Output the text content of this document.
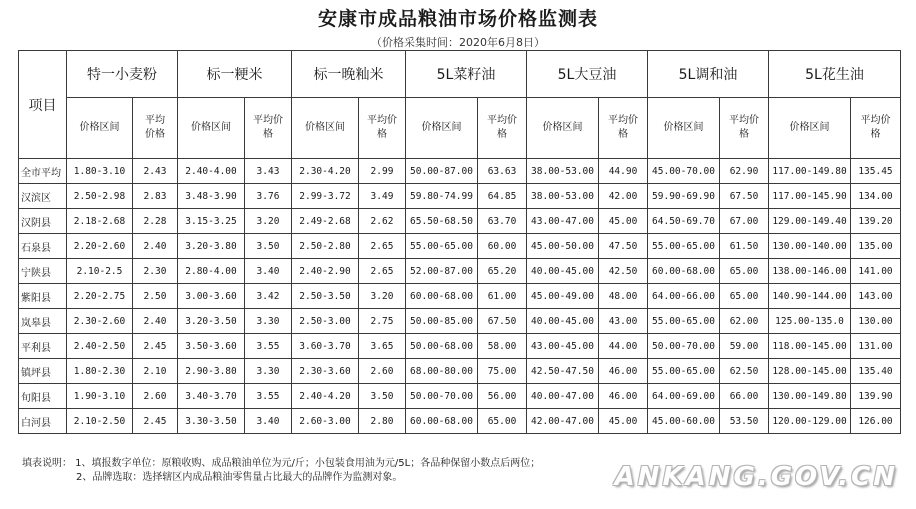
安康市成品粮油市场价格监测表
（价格采集时间：2020年6月8日）
项目	特一小麦粉		标一粳米		标一晚籼米		5L菜籽油		5L大豆油		5L调和油		5L花生油	
	价格区间	平均价格	价格区间	平均价格	价格区间	平均价格	价格区间	平均价格	价格区间	平均价格	价格区间	平均价格	价格区间	平均价格
全市平均	1.80-3.10	2.43	2.40-4.00	3.43	2.30-4.20	2.99	50.00-87.00	63.63	38.00-53.00	44.90	45.00-70.00	62.90	117.00-149.80	135.45
汉滨区	2.50-2.98	2.83	3.48-3.90	3.76	2.99-3.72	3.49	59.80-74.99	64.85	38.00-53.00	42.00	59.90-69.90	67.50	117.00-145.90	134.00
汉阴县	2.18-2.68	2.28	3.15-3.25	3.20	2.49-2.68	2.62	65.50-68.50	63.70	43.00-47.00	45.00	64.50-69.70	67.00	129.00-149.40	139.20
石泉县	2.20-2.60	2.40	3.20-3.80	3.50	2.50-2.80	2.65	55.00-65.00	60.00	45.00-50.00	47.50	55.00-65.00	61.50	130.00-140.00	135.00
宁陕县	2.10-2.5	2.30	2.80-4.00	3.40	2.40-2.90	2.65	52.00-87.00	65.20	40.00-45.00	42.50	60.00-68.00	65.00	138.00-146.00	141.00
紫阳县	2.20-2.75	2.50	3.00-3.60	3.42	2.50-3.50	3.20	60.00-68.00	61.00	45.00-49.00	48.00	64.00-66.00	65.00	140.90-144.00	143.00
岚皋县	2.30-2.60	2.40	3.20-3.50	3.30	2.50-3.00	2.75	50.00-85.00	67.50	40.00-45.00	43.00	55.00-65.00	62.00	125.00-135.0	130.00
平利县	2.40-2.50	2.45	3.50-3.60	3.55	3.60-3.70	3.65	50.00-68.00	58.00	43.00-45.00	44.00	50.00-70.00	59.00	118.00-145.00	131.00
镇坪县	1.80-2.30	2.10	2.90-3.80	3.30	2.30-3.60	2.60	68.00-80.00	75.00	42.50-47.50	46.00	55.00-65.00	62.50	128.00-145.00	135.40
旬阳县	1.90-3.10	2.60	3.40-3.70	3.55	2.40-4.20	3.50	50.00-70.00	56.00	40.00-47.00	46.00	64.00-69.00	66.00	130.00-149.80	139.90
白河县	2.10-2.50	2.45	3.30-3.50	3.40	2.60-3.00	2.80	60.00-68.00	65.00	42.00-47.00	45.00	45.00-60.00	53.50	120.00-129.00	126.00
填表说明： 1、填报数字单位：原粮收购、成品粮油单位为元/斤；小包装食用油为元/5L；各品种保留小数点后两位；
2、品牌选取：选择辖区内成品粮油零售量占比最大的品牌作为监测对象。	ANKANG.GOV.CN
